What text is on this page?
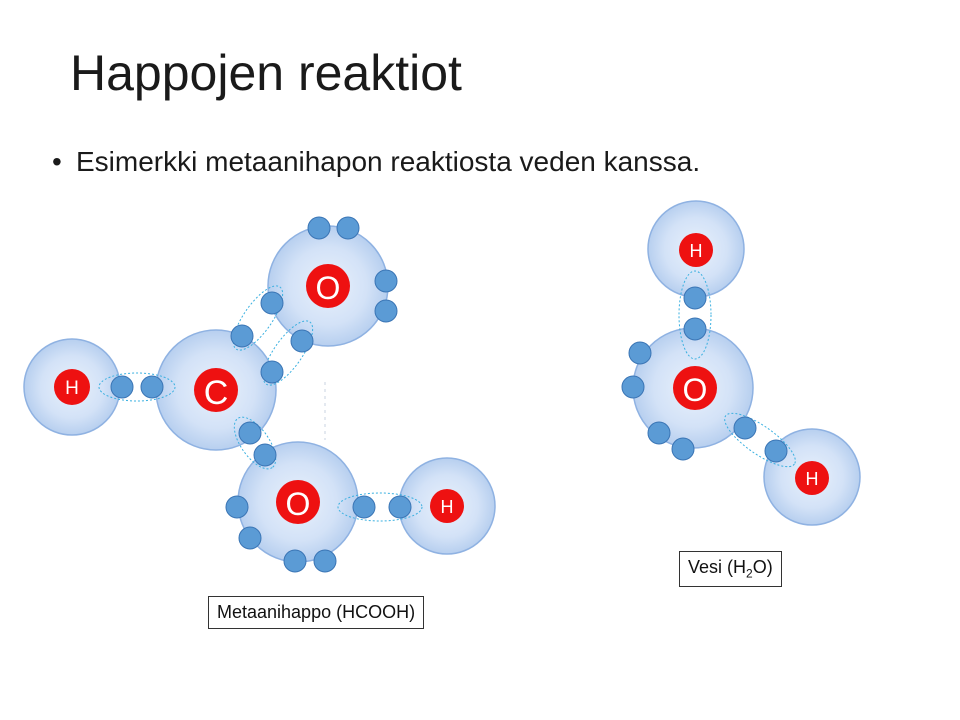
Happojen reaktiot
• Esimerkki metaanihapon reaktiosta veden kanssa.
H	C
O
O	H
H
O
H
Metaanihappo (HCOOH)
Vesi $(H_2O)$
